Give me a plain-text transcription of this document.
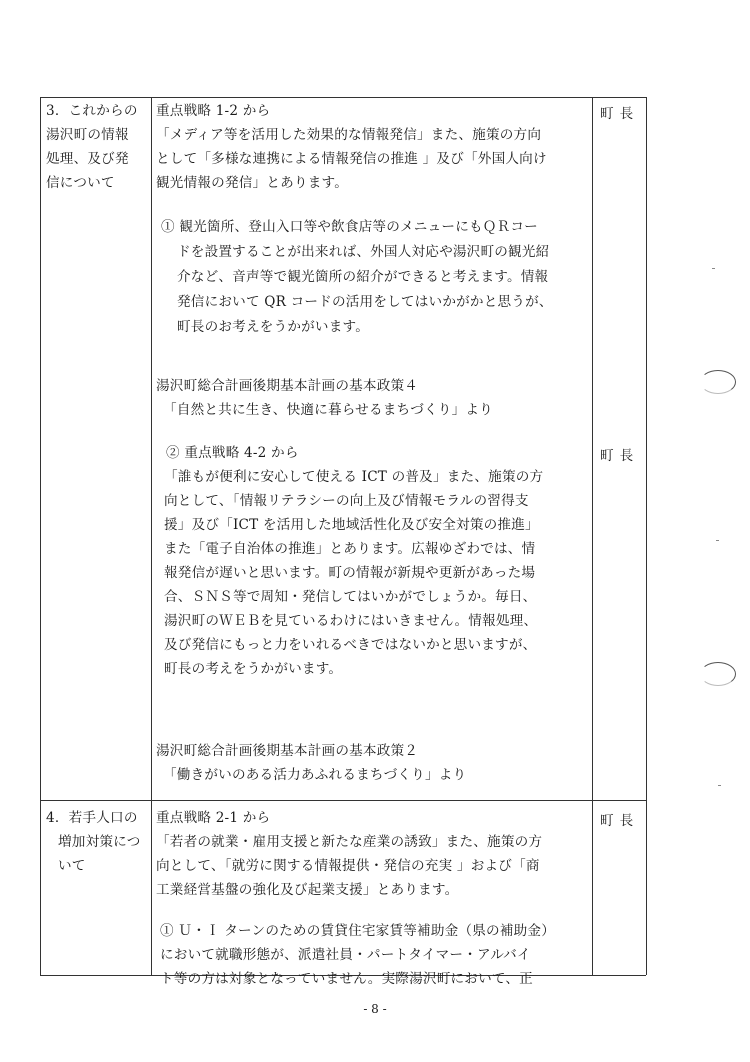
3．これからの
湯沢町の情報
処理、及び発
信について
町長
町長
重点戦略 1-2 から
「メディア等を活用した効果的な情報発信」また、施策の方向
として「多様な連携による情報発信の推進 」及び「外国人向け
観光情報の発信」とあります。
① 観光箇所、登山入口等や飲食店等のメニューにもＱＲコー
ドを設置することが出来れば、外国人対応や湯沢町の観光紹
介など、音声等で観光箇所の紹介ができると考えます。情報
発信において QR コードの活用をしてはいかがかと思うが、
町長のお考えをうかがいます。
湯沢町総合計画後期基本計画の基本政策４
「自然と共に生き、快適に暮らせるまちづくり」より
② 重点戦略 4-2 から
「誰もが便利に安心して使える ICT の普及」また、施策の方
向として、「情報リテラシーの向上及び情報モラルの習得支
援」及び「ICT を活用した地域活性化及び安全対策の推進」
また「電子自治体の推進」とあります。広報ゆざわでは、情
報発信が遅いと思います。町の情報が新規や更新があった場
合、ＳＮＳ等で周知・発信してはいかがでしょうか。毎日、
湯沢町のＷＥＢを見ているわけにはいきません。情報処理、
及び発信にもっと力をいれるべきではないかと思いますが、
町長の考えをうかがいます。
湯沢町総合計画後期基本計画の基本政策２
「働きがいのある活力あふれるまちづくり」より
4．若手人口の
増加対策につ
いて
町長
重点戦略 2-1 から
「若者の就業・雇用支援と新たな産業の誘致」また、施策の方
向として、「就労に関する情報提供・発信の充実 」および「商
工業経営基盤の強化及び起業支援」とあります。
① Ｕ・Ｉ ターンのための賃貸住宅家賃等補助金（県の補助金）
において就職形態が、派遣社員・パートタイマー・アルバイ
ト等の方は対象となっていません。実際湯沢町において、正
- 8 -
